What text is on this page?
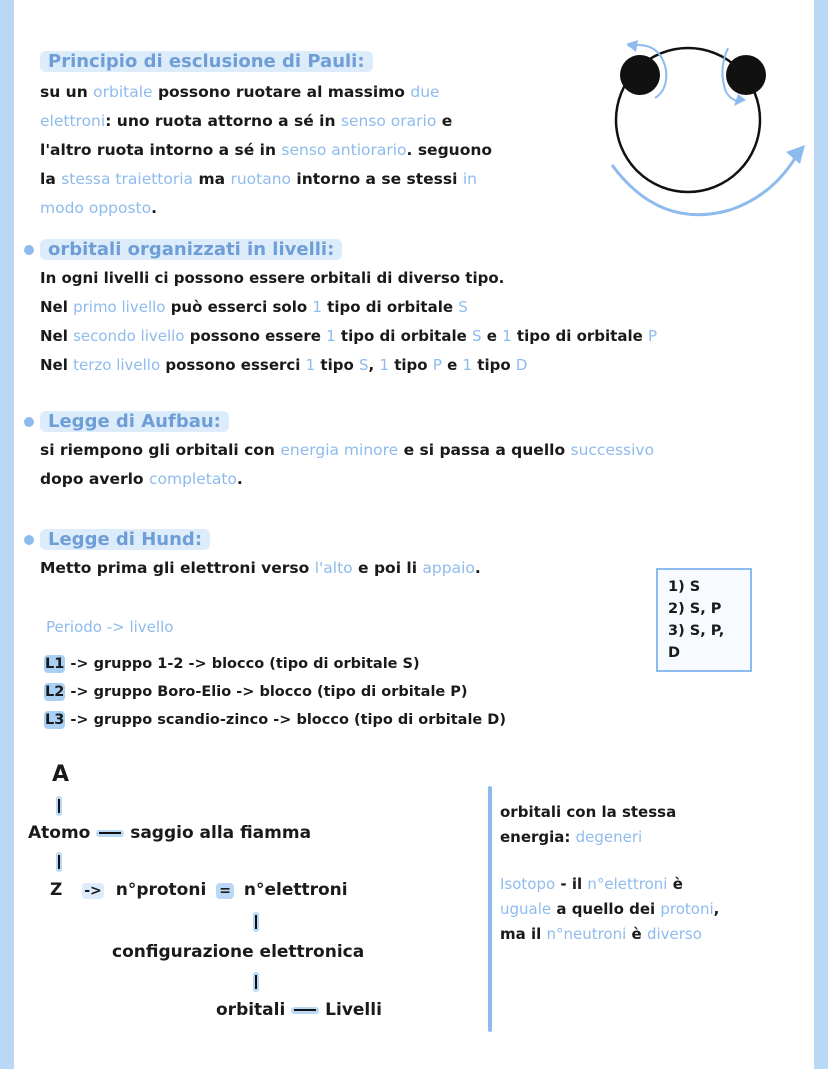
Principio di esclusione di Pauli:
su un orbitale possono ruotare al massimo due
elettroni: uno ruota attorno a sé in senso orario e
l'altro ruota intorno a sé in senso antiorario. seguono
la stessa traiettoria ma ruotano intorno a se stessi in
modo opposto.
orbitali organizzati in livelli:
In ogni livelli ci possono essere orbitali di diverso tipo.
Nel primo livello può esserci solo 1 tipo di orbitale S
Nel secondo livello possono essere 1 tipo di orbitale S e 1 tipo di orbitale P
Nel terzo livello possono esserci 1 tipo S, 1 tipo P e 1 tipo D
Legge di Aufbau:
si riempono gli orbitali con energia minore e si passa a quello successivo
dopo averlo completato.
Legge di Hund:
Metto prima gli elettroni verso l'alto e poi li appaio.
1) S
2) S, P
3) S, P, D
Periodo -> livello
L1 -> gruppo 1-2 -> blocco (tipo di orbitale S)
L2 -> gruppo Boro-Elio -> blocco (tipo di orbitale P)
L3 -> gruppo scandio-zinco -> blocco (tipo di orbitale D)
A
Atomo saggio alla fiamma
Z -> n°protoni = n°elettroni
configurazione elettronica
orbitali Livelli
orbitali con la stessa
energia: degeneri
Isotopo - il n°elettroni è
uguale a quello dei protoni,
ma il n°neutroni è diverso
